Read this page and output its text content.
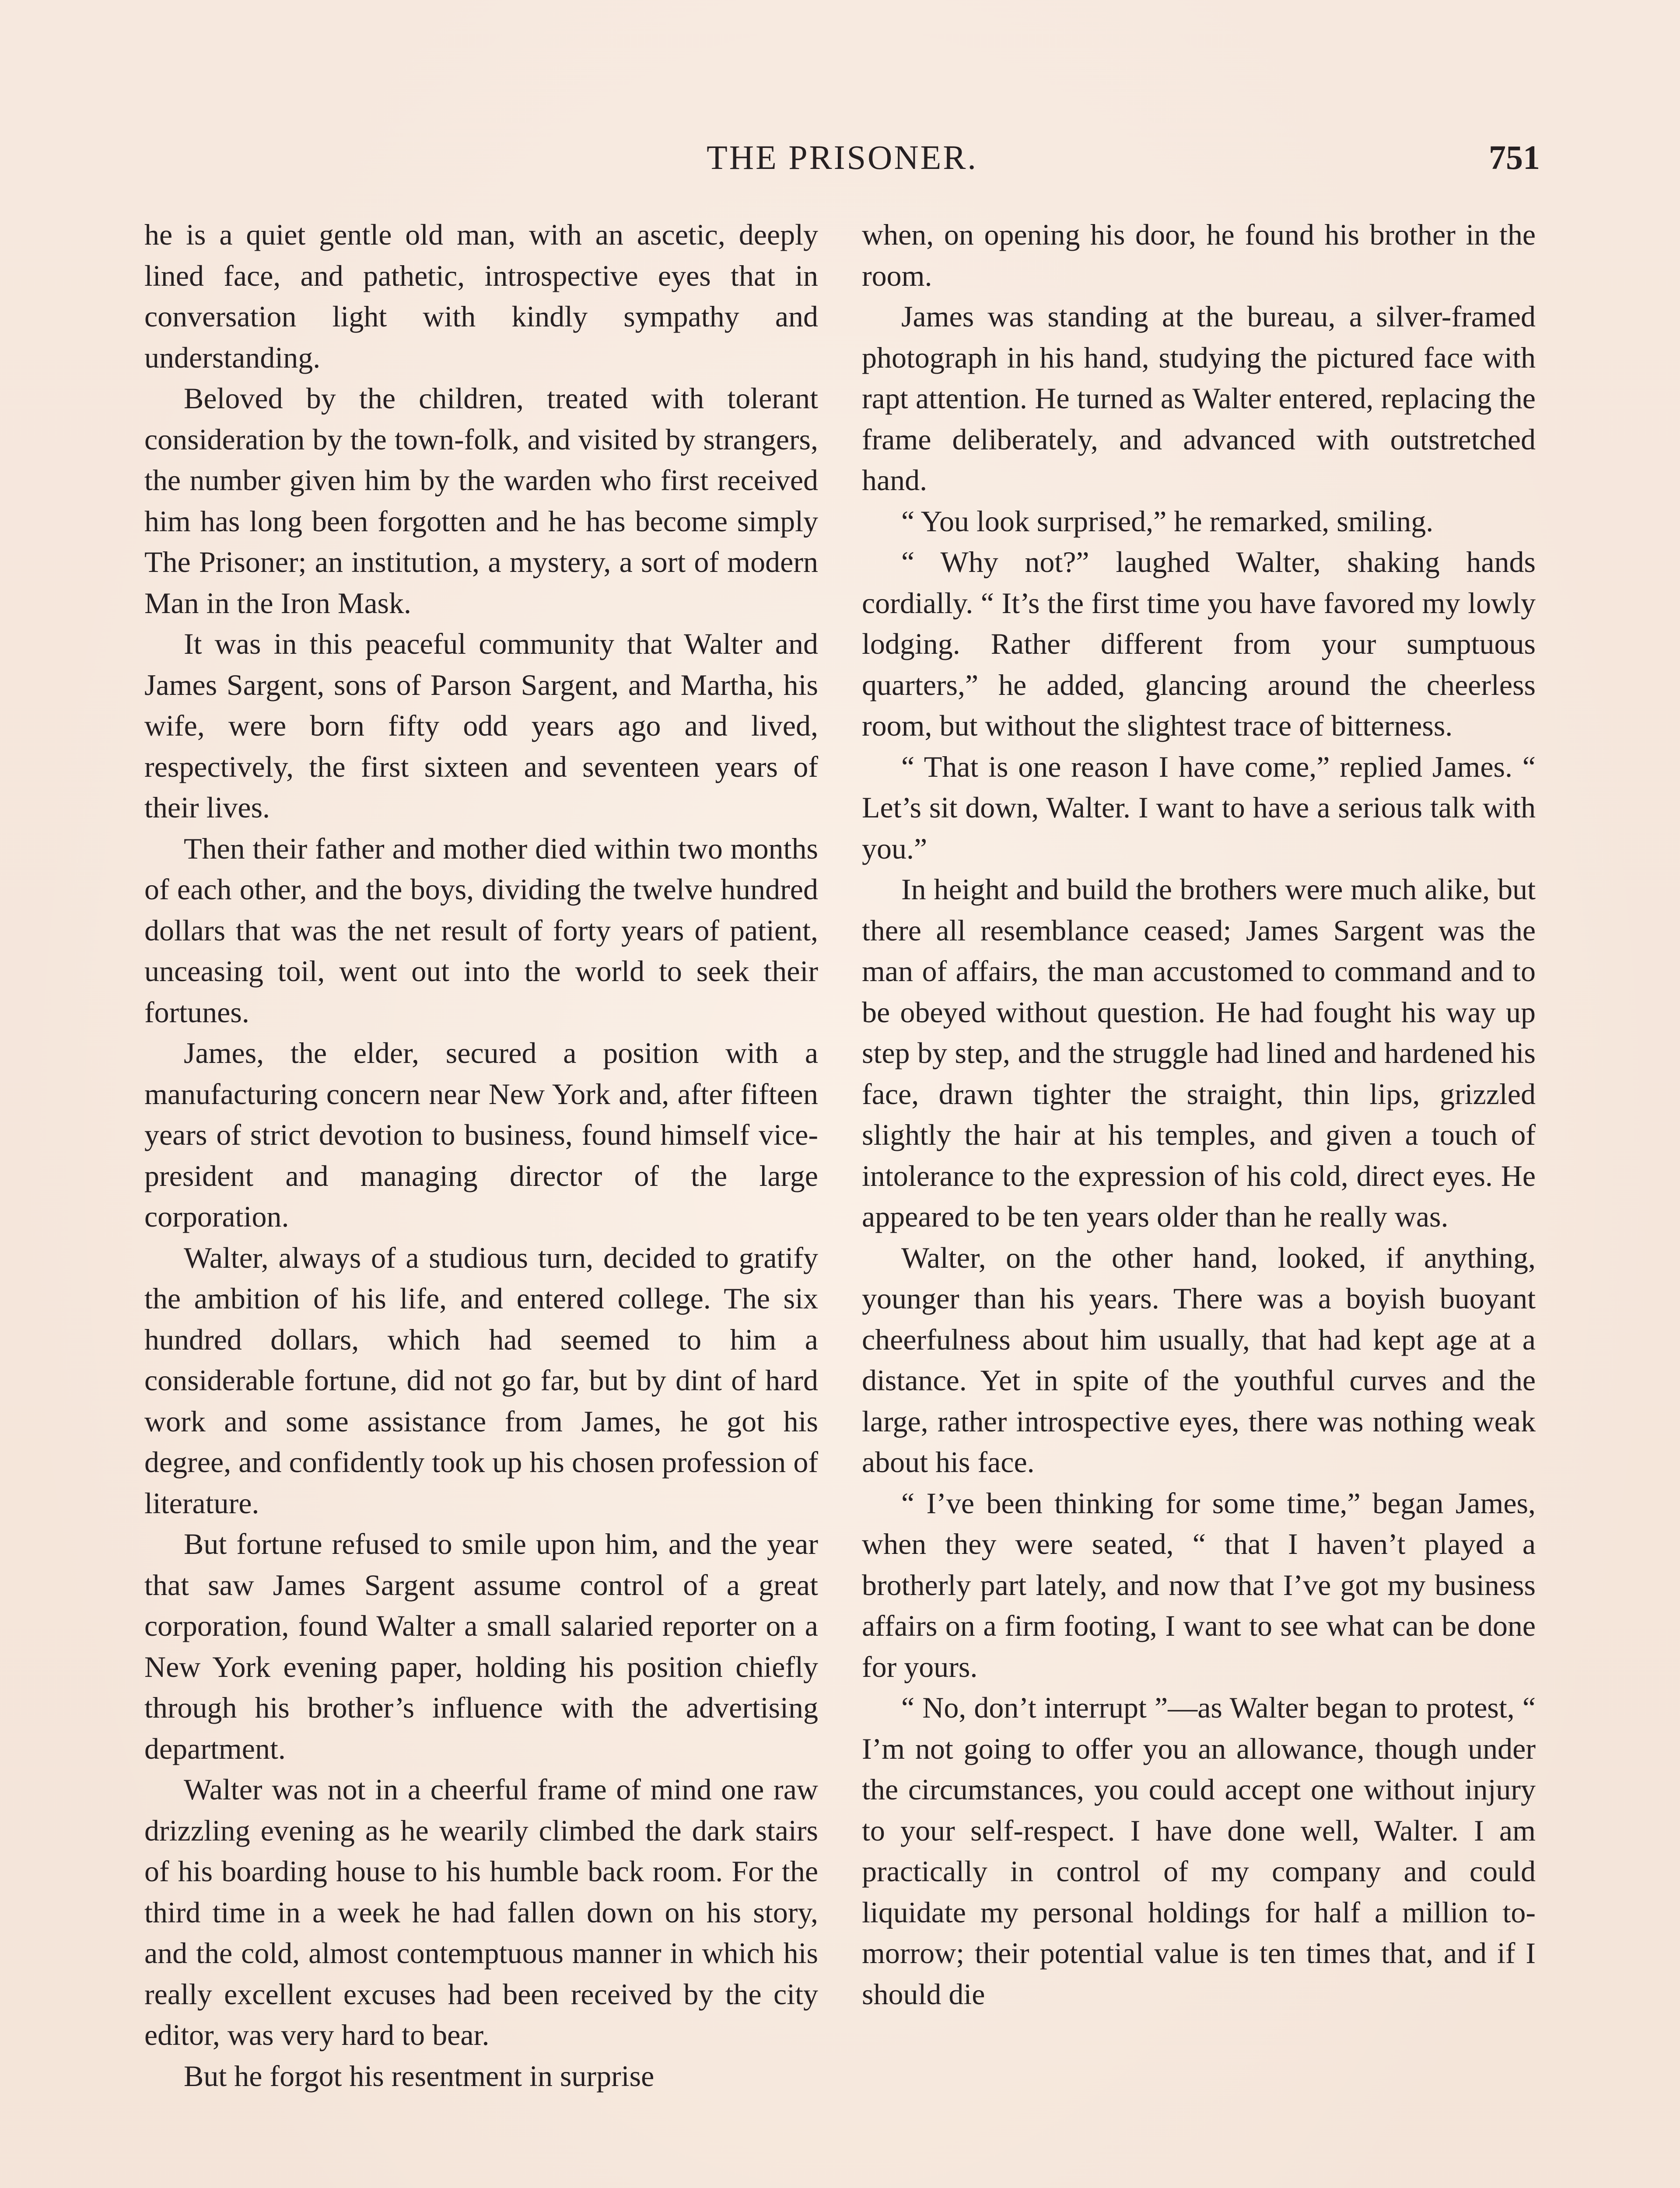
THE PRISONER.	751

he is a quiet gentle old man, with an ascetic, deeply lined face, and pathetic, introspective eyes that in conversation light with kindly sympathy and understanding.

Beloved by the children, treated with tolerant consideration by the town-folk, and visited by strangers, the number given him by the warden who first received him has long been forgotten and he has become simply The Prisoner; an institution, a mystery, a sort of modern Man in the Iron Mask.

It was in this peaceful community that Walter and James Sargent, sons of Parson Sargent, and Martha, his wife, were born fifty odd years ago and lived, respectively, the first sixteen and seventeen years of their lives.

Then their father and mother died within two months of each other, and the boys, dividing the twelve hundred dollars that was the net result of forty years of patient, unceasing toil, went out into the world to seek their fortunes.

James, the elder, secured a position with a manufacturing concern near New York and, after fifteen years of strict devotion to business, found himself vice-president and managing director of the large corporation.

Walter, always of a studious turn, decided to gratify the ambition of his life, and entered college. The six hundred dollars, which had seemed to him a considerable fortune, did not go far, but by dint of hard work and some assistance from James, he got his degree, and confidently took up his chosen profession of literature.

But fortune refused to smile upon him, and the year that saw James Sargent assume control of a great corporation, found Walter a small salaried reporter on a New York evening paper, holding his position chiefly through his brother’s influence with the advertising department.

Walter was not in a cheerful frame of mind one raw drizzling evening as he wearily climbed the dark stairs of his boarding house to his humble back room. For the third time in a week he had fallen down on his story, and the cold, almost contemptuous manner in which his really excellent excuses had been received by the city editor, was very hard to bear.

But he forgot his resentment in surprise

when, on opening his door, he found his brother in the room.

James was standing at the bureau, a silver-framed photograph in his hand, studying the pictured face with rapt attention. He turned as Walter entered, replacing the frame deliberately, and advanced with outstretched hand.

“ You look surprised,” he remarked, smiling.

“ Why not?” laughed Walter, shaking hands cordially. “ It’s the first time you have favored my lowly lodging. Rather different from your sumptuous quarters,” he added, glancing around the cheerless room, but without the slightest trace of bitterness.

“ That is one reason I have come,” replied James. “ Let’s sit down, Walter. I want to have a serious talk with you.”

In height and build the brothers were much alike, but there all resemblance ceased; James Sargent was the man of affairs, the man accustomed to command and to be obeyed without question. He had fought his way up step by step, and the struggle had lined and hardened his face, drawn tighter the straight, thin lips, grizzled slightly the hair at his temples, and given a touch of intolerance to the expression of his cold, direct eyes. He appeared to be ten years older than he really was.

Walter, on the other hand, looked, if anything, younger than his years. There was a boyish buoyant cheerfulness about him usually, that had kept age at a distance. Yet in spite of the youthful curves and the large, rather introspective eyes, there was nothing weak about his face.

“ I’ve been thinking for some time,” began James, when they were seated, “ that I haven’t played a brotherly part lately, and now that I’ve got my business affairs on a firm footing, I want to see what can be done for yours.

“ No, don’t interrupt ”—as Walter began to protest, “ I’m not going to offer you an allowance, though under the circumstances, you could accept one without injury to your self-respect. I have done well, Walter. I am practically in control of my company and could liquidate my personal holdings for half a million to-morrow; their potential value is ten times that, and if I should die
